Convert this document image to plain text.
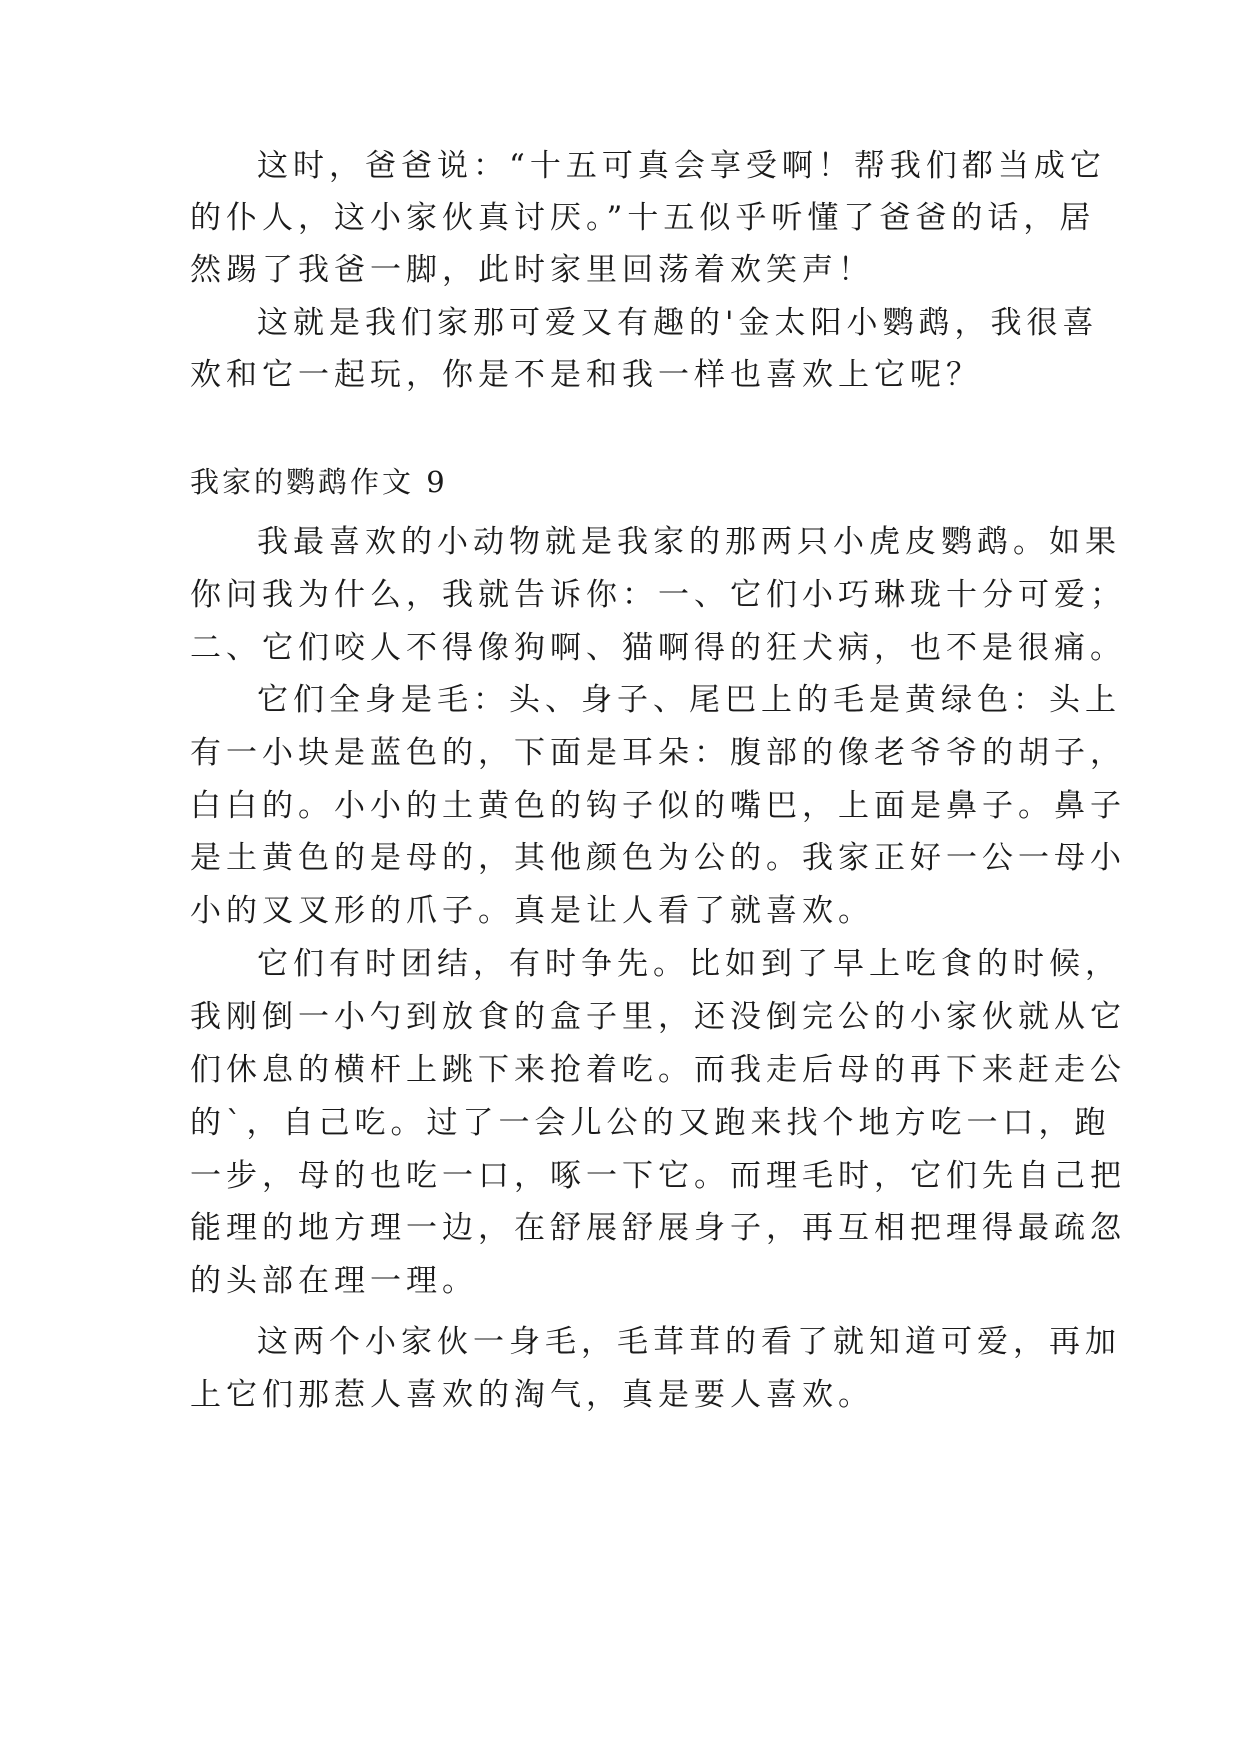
这时，爸爸说：“十五可真会享受啊！帮我们都当成它
的仆人，这小家伙真讨厌。”十五似乎听懂了爸爸的话，居
然踢了我爸一脚，此时家里回荡着欢笑声！
这就是我们家那可爱又有趣的'金太阳小鹦鹉，我很喜
欢和它一起玩，你是不是和我一样也喜欢上它呢？
我家的鹦鹉作文 9
我最喜欢的小动物就是我家的那两只小虎皮鹦鹉。如果
你问我为什么，我就告诉你：一、它们小巧琳珑十分可爱；
二、它们咬人不得像狗啊、猫啊得的狂犬病，也不是很痛。
它们全身是毛：头、身子、尾巴上的毛是黄绿色：头上
有一小块是蓝色的，下面是耳朵：腹部的像老爷爷的胡子，
白白的。小小的土黄色的钩子似的嘴巴，上面是鼻子。鼻子
是土黄色的是母的，其他颜色为公的。我家正好一公一母小
小的叉叉形的爪子。真是让人看了就喜欢。
它们有时团结，有时争先。比如到了早上吃食的时候，
我刚倒一小勺到放食的盒子里，还没倒完公的小家伙就从它
们休息的横杆上跳下来抢着吃。而我走后母的再下来赶走公
的`，自己吃。过了一会儿公的又跑来找个地方吃一口，跑
一步，母的也吃一口，啄一下它。而理毛时，它们先自己把
能理的地方理一边，在舒展舒展身子，再互相把理得最疏忽
的头部在理一理。
这两个小家伙一身毛，毛茸茸的看了就知道可爱，再加
上它们那惹人喜欢的淘气，真是要人喜欢。
